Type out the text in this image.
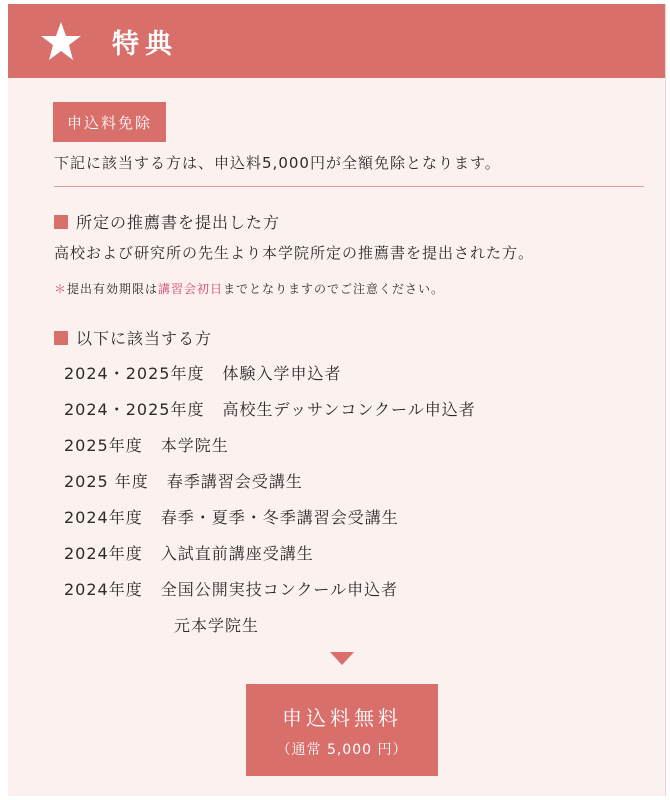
特典
申込料免除
下記に該当する方は、申込料5,000円が全額免除となります。
所定の推薦書を提出した方
高校および研究所の先生より本学院所定の推薦書を提出された方。
＊提出有効期限は講習会初日までとなりますのでご注意ください。
以下に該当する方
2024・2025年度 体験入学申込者
2024・2025年度 高校生デッサンコンクール申込者
2025年度 本学院生
2025 年度 春季講習会受講生
2024年度 春季・夏季・冬季講習会受講生
2024年度 入試直前講座受講生
2024年度 全国公開実技コンクール申込者
元本学院生
申込料無料
（通常 5,000 円）
